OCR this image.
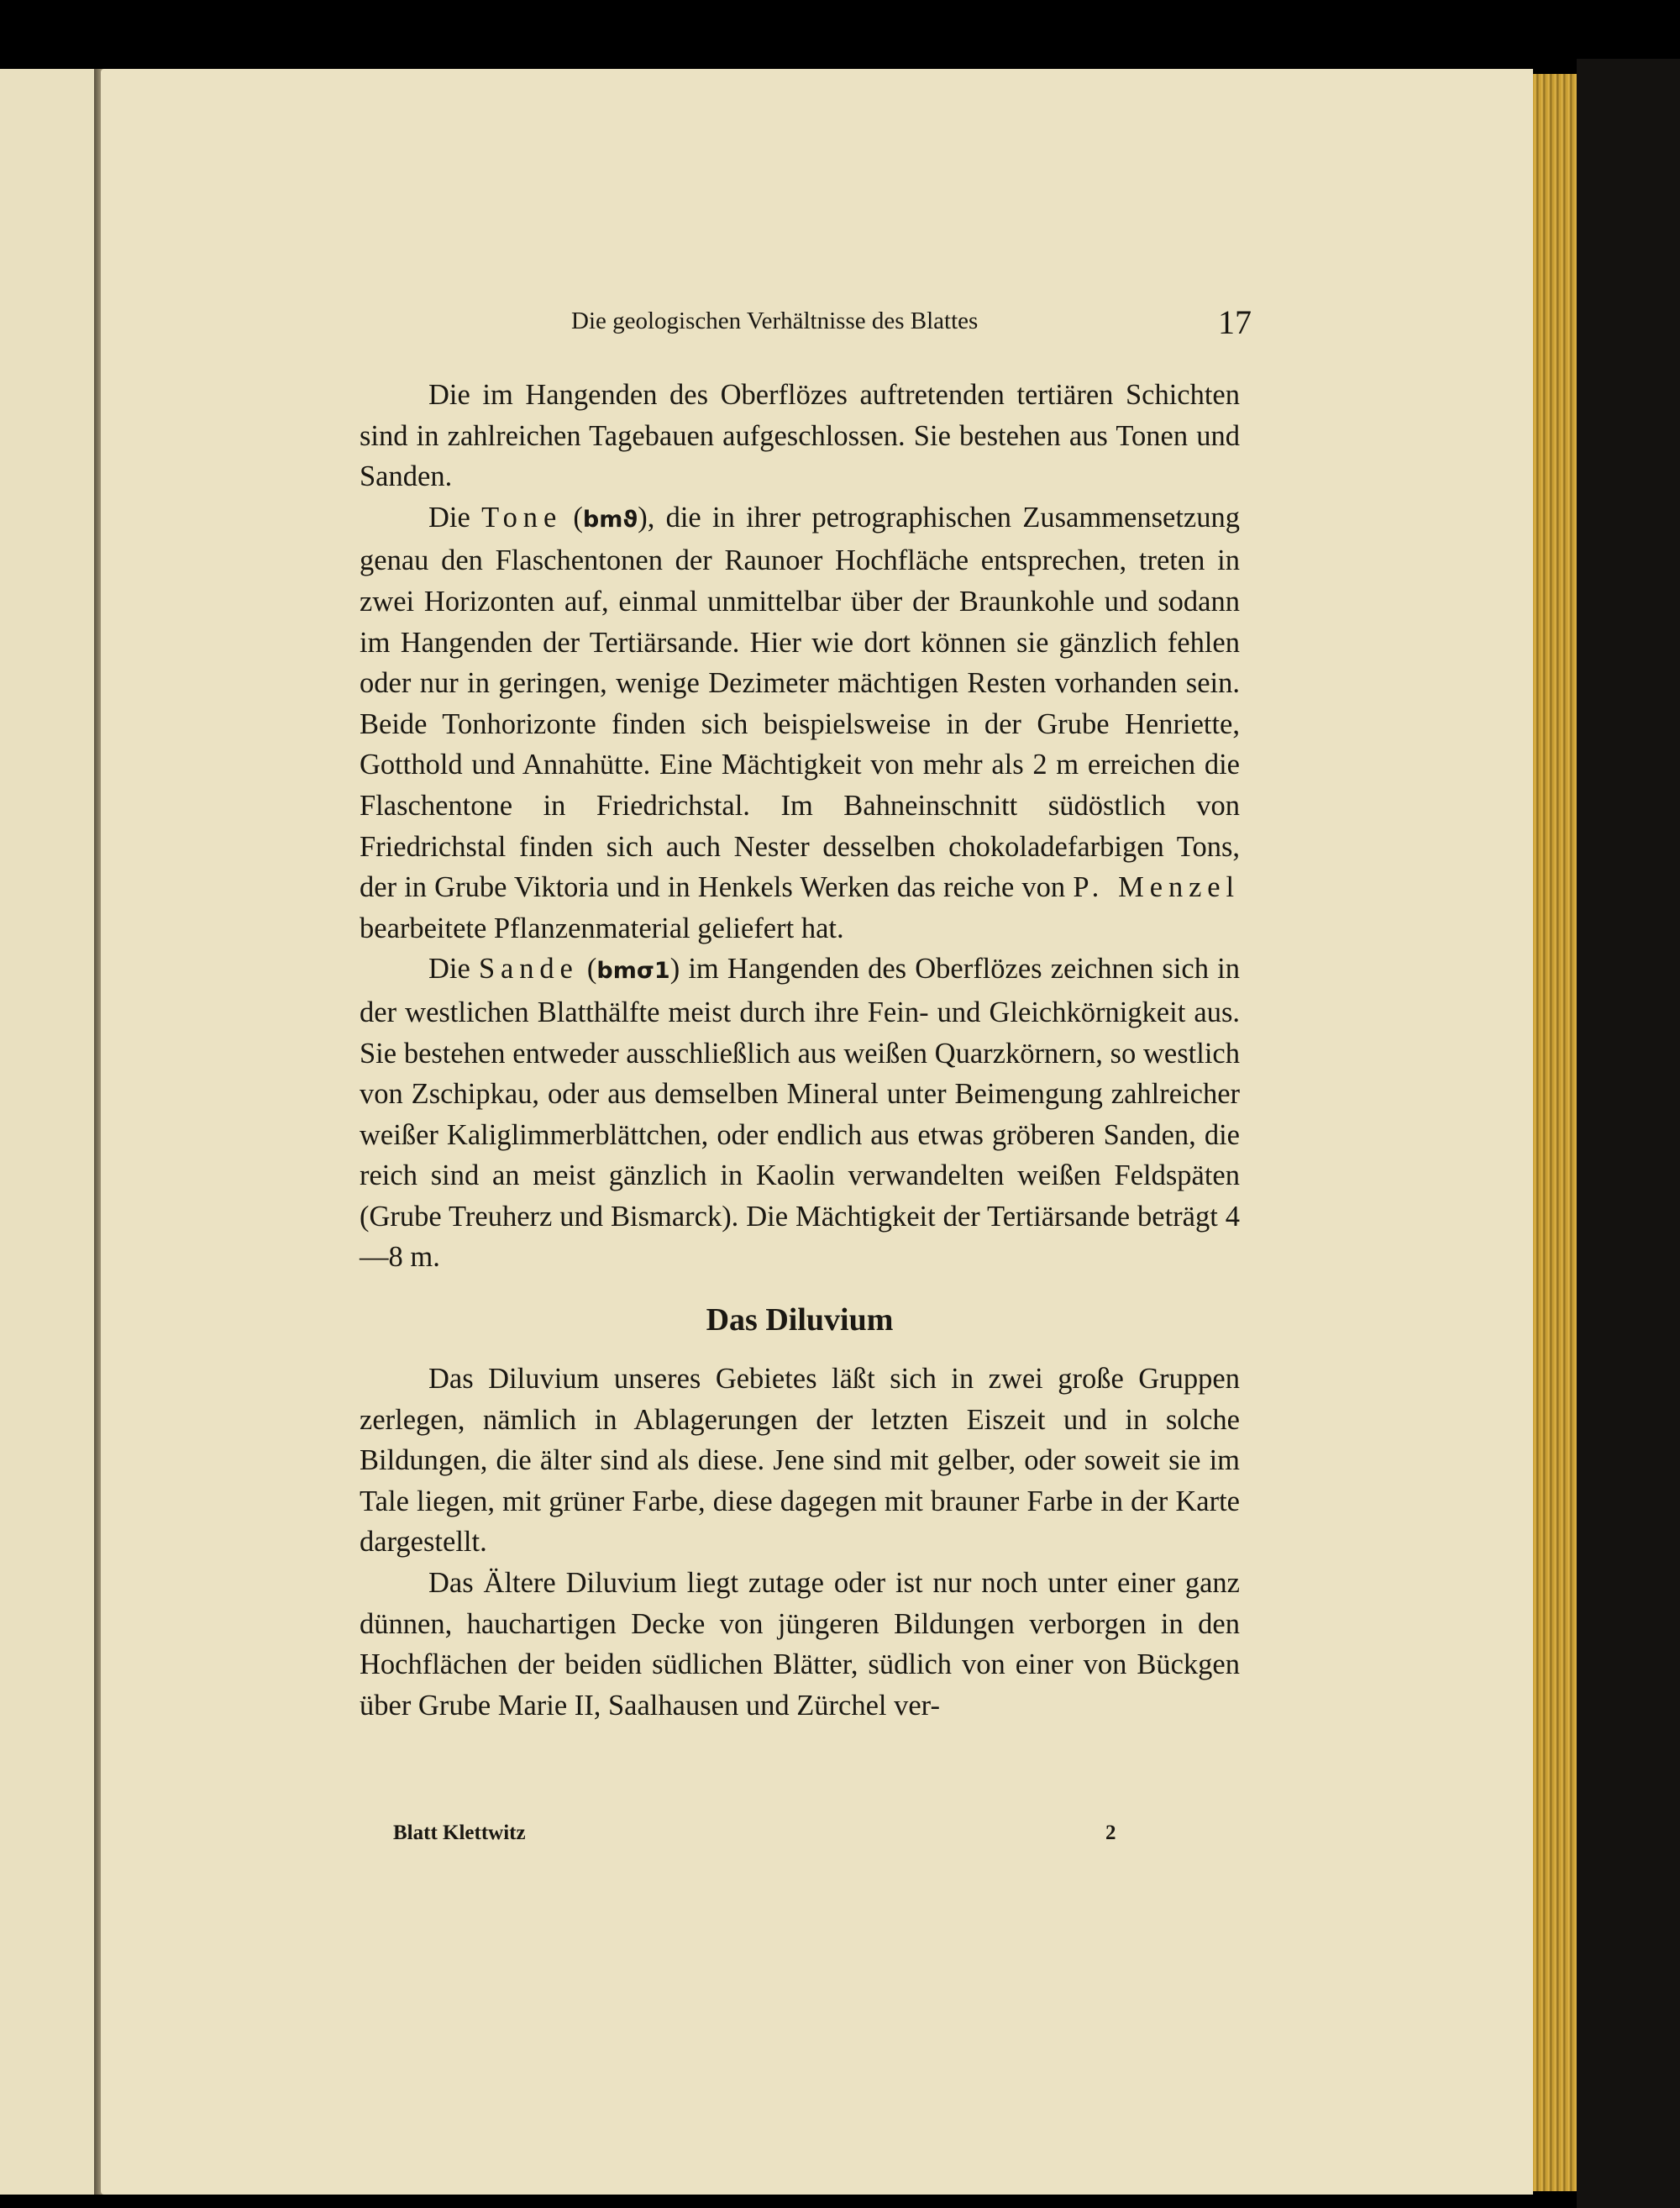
Die geologischen Verhältnisse des Blattes	17

Die im Hangenden des Oberflözes auftretenden tertiären Schichten sind in zahlreichen Tagebauen aufgeschlossen. Sie bestehen aus Tonen und Sanden.

Die Tone (bmϑ), die in ihrer petrographischen Zusammensetzung genau den Flaschentonen der Raunoer Hochfläche entsprechen, treten in zwei Horizonten auf, einmal unmittelbar über der Braunkohle und sodann im Hangenden der Tertiärsande. Hier wie dort können sie gänzlich fehlen oder nur in geringen, wenige Dezimeter mächtigen Resten vorhanden sein. Beide Tonhorizonte finden sich beispielsweise in der Grube Henriette, Gotthold und Annahütte. Eine Mächtigkeit von mehr als 2 m erreichen die Flaschentone in Friedrichstal. Im Bahneinschnitt südöstlich von Friedrichstal finden sich auch Nester desselben chokoladefarbigen Tons, der in Grube Viktoria und in Henkels Werken das reiche von P. Menzel bearbeitete Pflanzenmaterial geliefert hat.

Die Sande (bmσ1) im Hangenden des Oberflözes zeichnen sich in der westlichen Blatthälfte meist durch ihre Fein- und Gleichkörnigkeit aus. Sie bestehen entweder ausschließlich aus weißen Quarzkörnern, so westlich von Zschipkau, oder aus demselben Mineral unter Beimengung zahlreicher weißer Kaliglimmerblättchen, oder endlich aus etwas gröberen Sanden, die reich sind an meist gänzlich in Kaolin verwandelten weißen Feldspäten (Grube Treuherz und Bismarck). Die Mächtigkeit der Tertiärsande beträgt 4—8 m.

Das Diluvium

Das Diluvium unseres Gebietes läßt sich in zwei große Gruppen zerlegen, nämlich in Ablagerungen der letzten Eiszeit und in solche Bildungen, die älter sind als diese. Jene sind mit gelber, oder soweit sie im Tale liegen, mit grüner Farbe, diese dagegen mit brauner Farbe in der Karte dargestellt.

Das Ältere Diluvium liegt zutage oder ist nur noch unter einer ganz dünnen, hauchartigen Decke von jüngeren Bildungen verborgen in den Hochflächen der beiden südlichen Blätter, südlich von einer von Bückgen über Grube Marie II, Saalhausen und Zürchel ver-

Blatt Klettwitz	2
